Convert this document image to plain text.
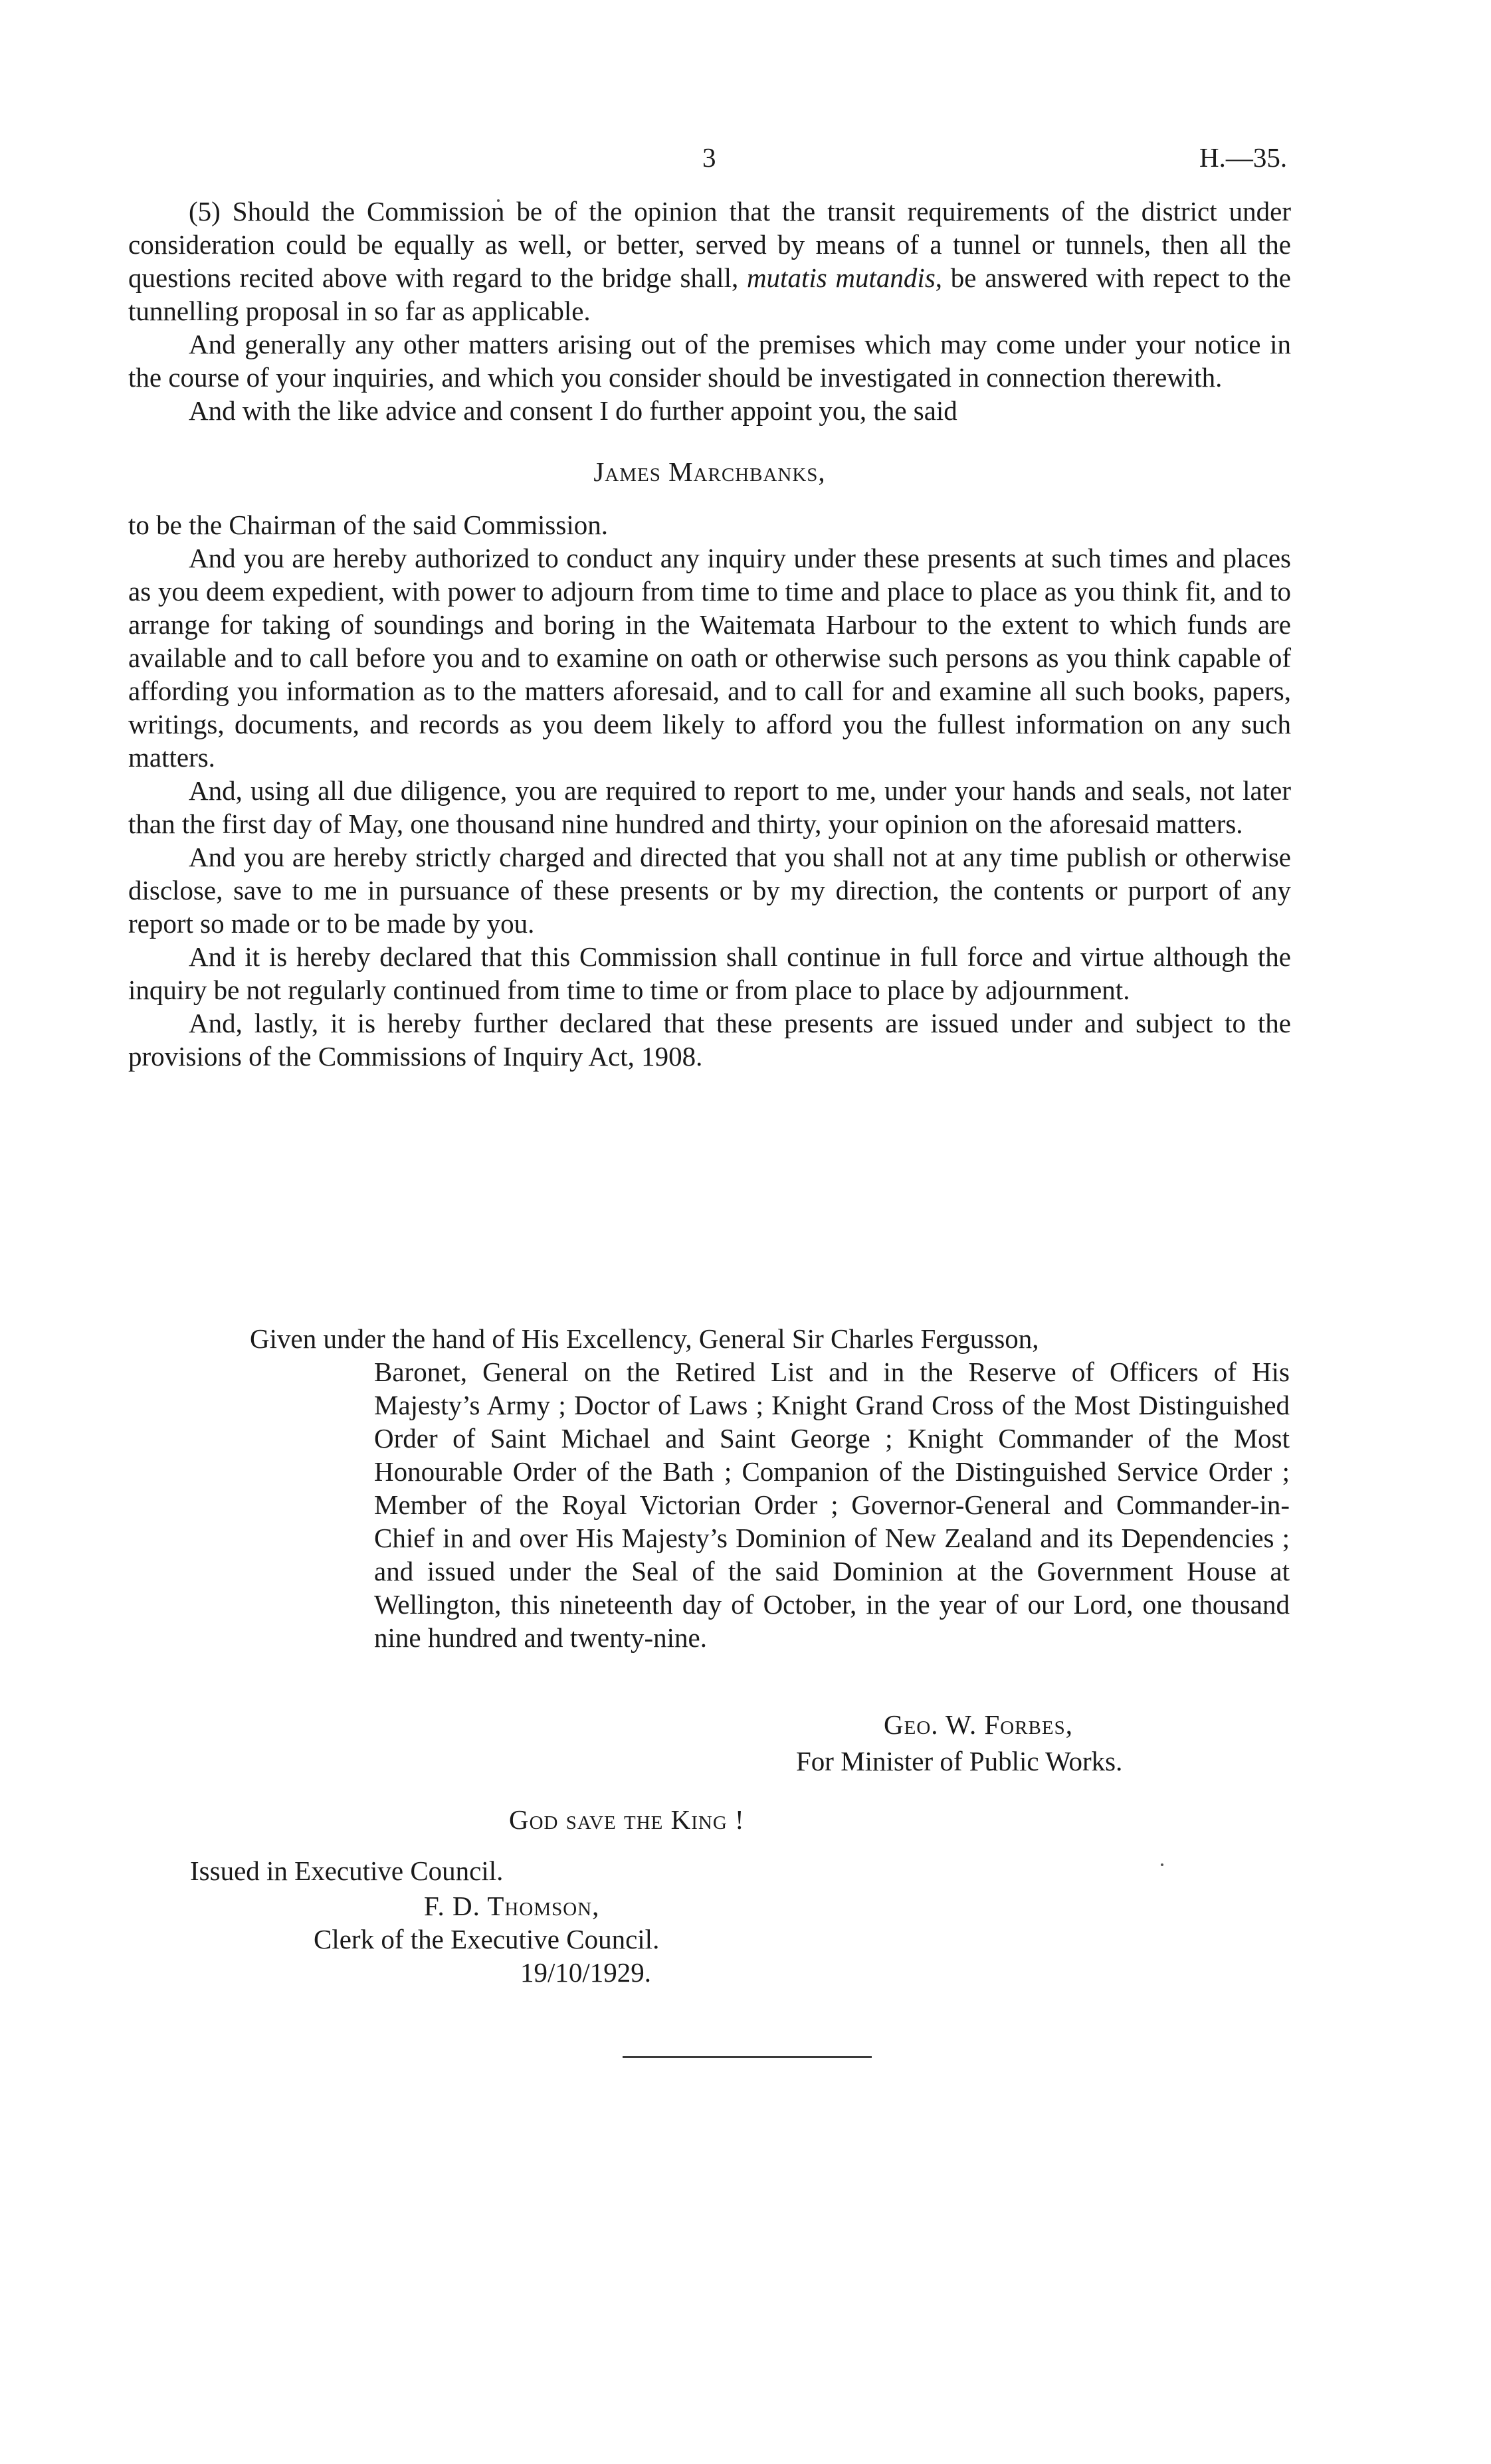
3	H.—35.

(5) Should the Commission be of the opinion that the transit requirements of the district under consideration could be equally as well, or better, served by means of a tunnel or tunnels, then all the questions recited above with regard to the bridge shall, mutatis mutandis, be answered with repect to the tunnelling proposal in so far as applicable.

And generally any other matters arising out of the premises which may come under your notice in the course of your inquiries, and which you consider should be investigated in connection therewith.

And with the like advice and consent I do further appoint you, the said

James Marchbanks,

to be the Chairman of the said Commission.

And you are hereby authorized to conduct any inquiry under these presents at such times and places as you deem expedient, with power to adjourn from time to time and place to place as you think fit, and to arrange for taking of soundings and boring in the Waitemata Harbour to the extent to which funds are available and to call before you and to examine on oath or otherwise such persons as you think capable of affording you information as to the matters aforesaid, and to call for and examine all such books, papers, writings, documents, and records as you deem likely to afford you the fullest information on any such matters.

And, using all due diligence, you are required to report to me, under your hands and seals, not later than the first day of May, one thousand nine hundred and thirty, your opinion on the aforesaid matters.

And you are hereby strictly charged and directed that you shall not at any time publish or otherwise disclose, save to me in pursuance of these presents or by my direction, the contents or purport of any report so made or to be made by you.

And it is hereby declared that this Commission shall continue in full force and virtue although the inquiry be not regularly continued from time to time or from place to place by adjournment.

And, lastly, it is hereby further declared that these presents are issued under and subject to the provisions of the Commissions of Inquiry Act, 1908.

Given under the hand of His Excellency, General Sir Charles Fergusson,

Baronet, General on the Retired List and in the Reserve of Officers of His Majesty’s Army ; Doctor of Laws ; Knight Grand Cross of the Most Distinguished Order of Saint Michael and Saint George ; Knight Commander of the Most Honourable Order of the Bath ; Companion of the Distinguished Service Order ; Member of the Royal Victorian Order ; Governor-General and Commander-in-Chief in and over His Majesty’s Dominion of New Zealand and its Dependencies ; and issued under the Seal of the said Dominion at the Government House at Wellington, this nineteenth day of October, in the year of our Lord, one thousand nine hundred and twenty-nine.

Geo. W. Forbes,
For Minister of Public Works.
God save the King !
Issued in Executive Council.
F. D. Thomson,
Clerk of the Executive Council.
19/10/1929.
